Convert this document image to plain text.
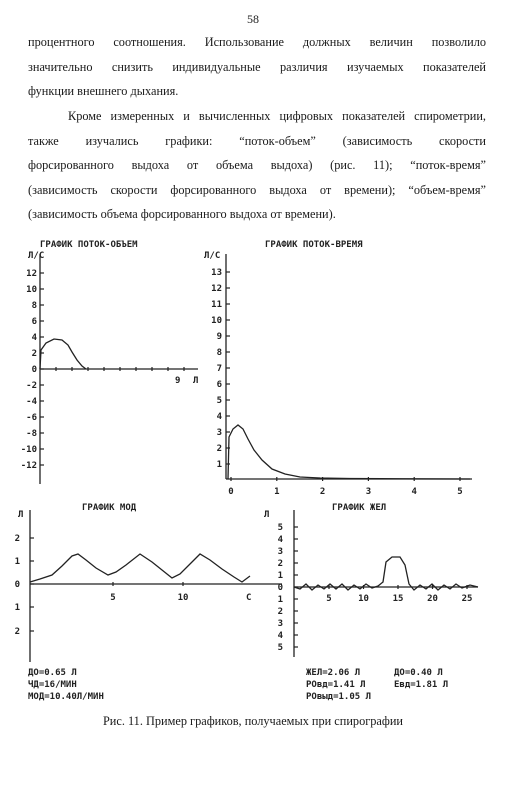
58

процентного соотношения. Использование должных величин позволило
значительно снизить индивидуальные различия изучаемых показателей
функции внешнего дыхания.

Кроме измеренных и вычисленных цифровых показателей спирометрии,
также изучались графики: “поток-объем” (зависимость скорости
форсированного выдоха от объема выдоха) (рис. 11); “поток-время”
(зависимость скорости форсированного выдоха от времени); “объем-время”
(зависимость объема форсированного выдоха от времени).

ГРАФИК ПОТОК-ОБЪЕМ
Л/С
12
10
8
6
4
2
0
-2
-4
-6
-8
-10
-12
9 Л
ГРАФИК ПОТОК-ВРЕМЯ
Л/С
13
12
11
10
9
8
7
6
5
4
3
2
1
0	1	2	3	4	5
ГРАФИК МОД
Л
2
1
0
1
2
5	10	С
ГРАФИК ЖЕЛ
Л
5
4
3
2
1
0
1
2
3
4
5
5	10	15	20	25
ДО=0.65 Л
ЧД=16/МИН
МОД=10.40Л/МИН
ЖЕЛ=2.06 Л
РОвд=1.41 Л
РОвыд=1.05 Л
ДО=0.40 Л
Евд=1.81 Л
Рис. 11. Пример графиков, получаемых при спирографии
